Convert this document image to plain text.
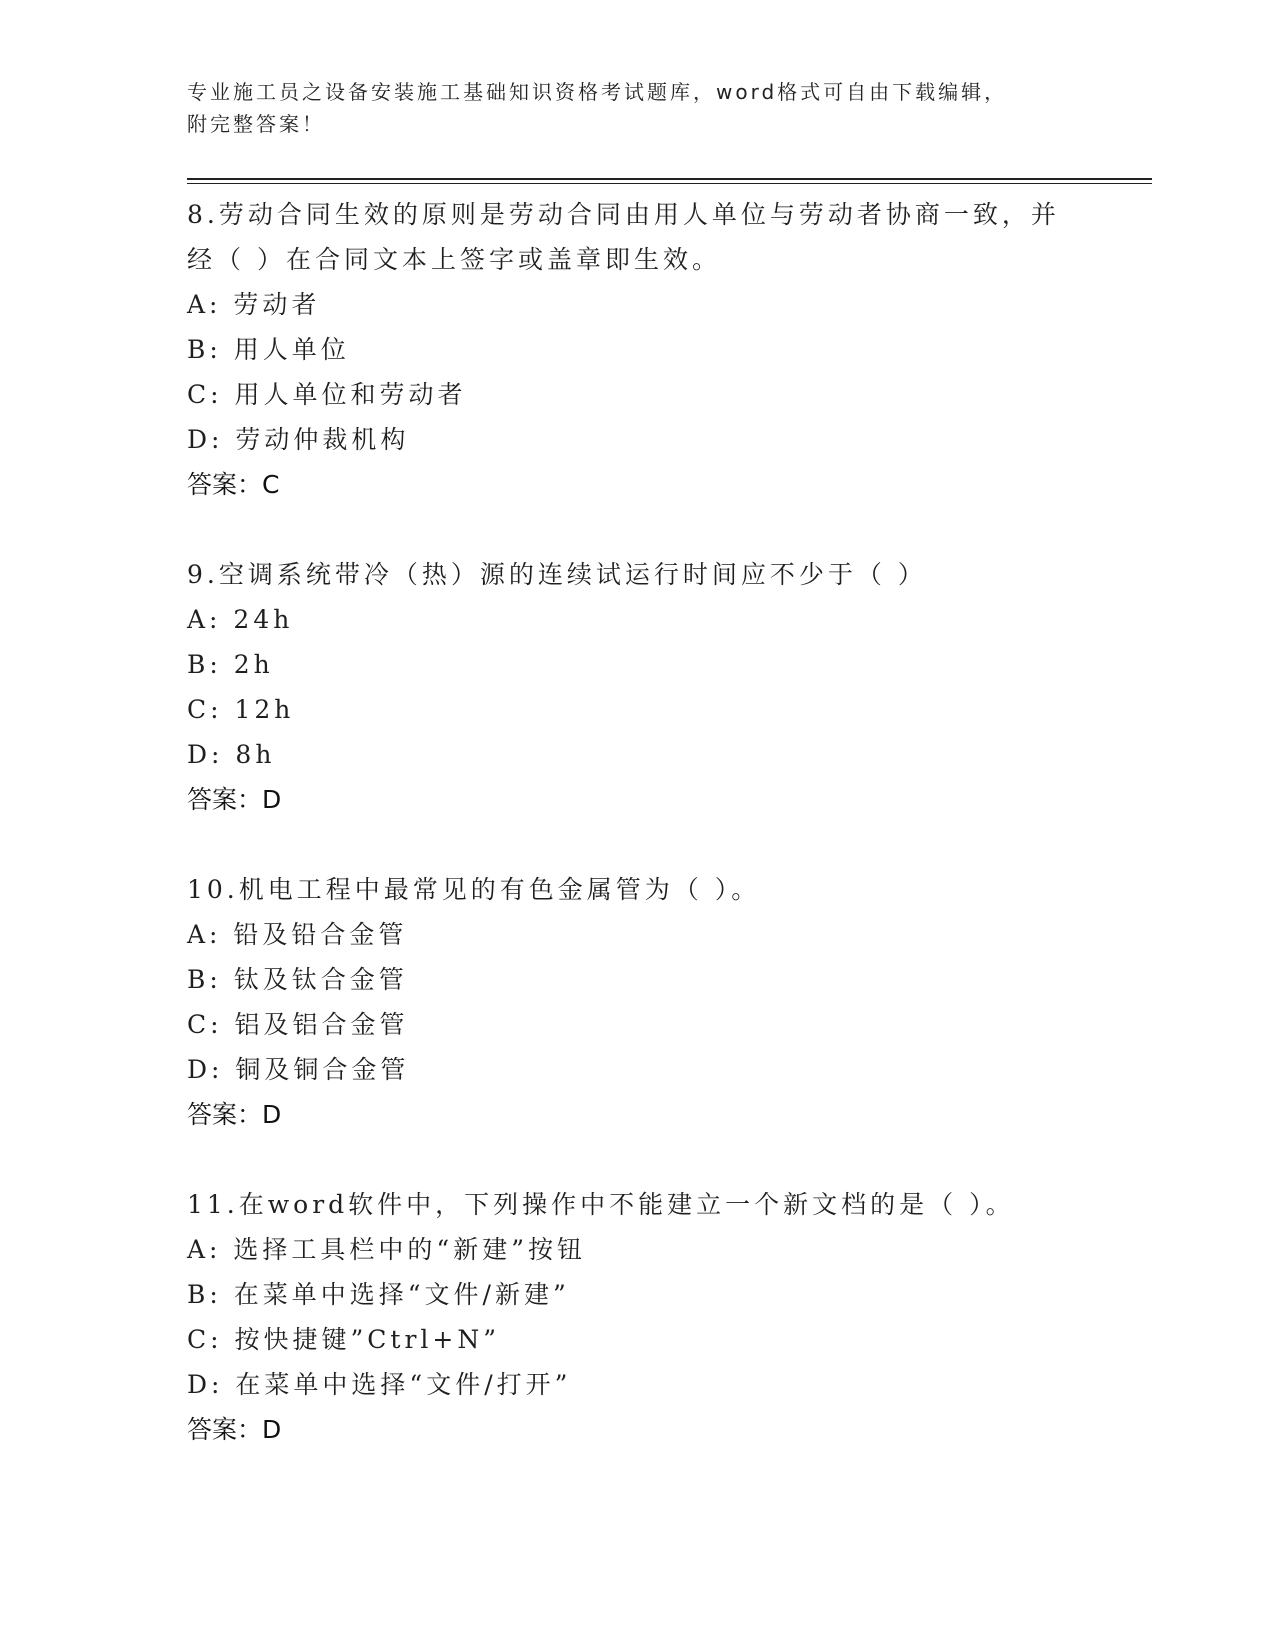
专业施工员之设备安装施工基础知识资格考试题库，word格式可自由下载编辑，
附完整答案！

8.劳动合同生效的原则是劳动合同由用人单位与劳动者协商一致，并

经（ ）在合同文本上签字或盖章即生效。

A: 劳动者

B: 用人单位

C: 用人单位和劳动者

D: 劳动仲裁机构

答案：C

9.空调系统带冷（热）源的连续试运行时间应不少于（ ）

A: 24h

B: 2h

C: 12h

D: 8h

答案：D

10.机电工程中最常见的有色金属管为（ ）。

A: 铅及铅合金管

B: 钛及钛合金管

C: 铝及铝合金管

D: 铜及铜合金管

答案：D

11.在word软件中，下列操作中不能建立一个新文档的是（ ）。

A: 选择工具栏中的“新建”按钮

B: 在菜单中选择“文件/新建”

C: 按快捷键”Ctrl+N”

D: 在菜单中选择“文件/打开”

答案：D
